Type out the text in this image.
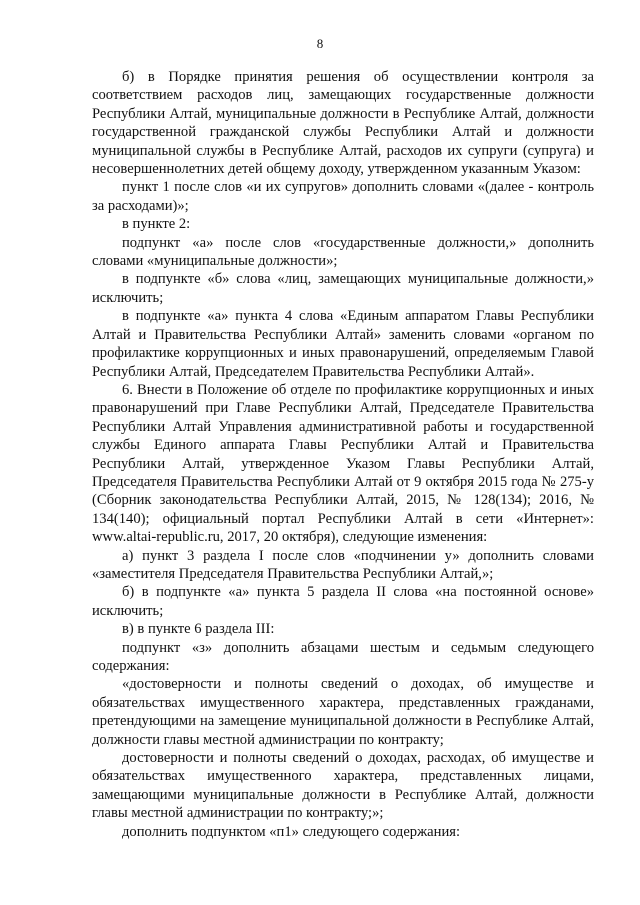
8

б) в Порядке принятия решения об осуществлении контроля за соответствием расходов лиц, замещающих государственные должности Республики Алтай, муниципальные должности в Республике Алтай, должности государственной гражданской службы Республики Алтай и должности муниципальной службы в Республике Алтай, расходов их супруги (супруга) и несовершеннолетних детей общему доходу, утвержденном указанным Указом:

пункт 1 после слов «и их супругов» дополнить словами «(далее - контроль за расходами)»;

в пункте 2:

подпункт «а» после слов «государственные должности,» дополнить словами «муниципальные должности»;

в подпункте «б» слова «лиц, замещающих муниципальные должности,» исключить;

в подпункте «а» пункта 4 слова «Единым аппаратом Главы Республики Алтай и Правительства Республики Алтай» заменить словами «органом по профилактике коррупционных и иных правонарушений, определяемым Главой Республики Алтай, Председателем Правительства Республики Алтай».

6. Внести в Положение об отделе по профилактике коррупционных и иных правонарушений при Главе Республики Алтай, Председателе Правительства Республики Алтай Управления административной работы и государственной службы Единого аппарата Главы Республики Алтай и Правительства Республики Алтай, утвержденное Указом Главы Республики Алтай, Председателя Правительства Республики Алтай от 9 октября 2015 года № 275-у (Сборник законодательства Республики Алтай, 2015, № 128(134); 2016, № 134(140); официальный портал Республики Алтай в сети «Интернет»: www.altai-republic.ru, 2017, 20 октября), следующие изменения:

а) пункт 3 раздела I после слов «подчинении у» дополнить словами «заместителя Председателя Правительства Республики Алтай,»;

б) в подпункте «а» пункта 5 раздела II слова «на постоянной основе» исключить;

в) в пункте 6 раздела III:

подпункт «з» дополнить абзацами шестым и седьмым следующего содержания:

«достоверности и полноты сведений о доходах, об имуществе и обязательствах имущественного характера, представленных гражданами, претендующими на замещение муниципальной должности в Республике Алтай, должности главы местной администрации по контракту;

достоверности и полноты сведений о доходах, расходах, об имуществе и обязательствах имущественного характера, представленных лицами, замещающими муниципальные должности в Республике Алтай, должности главы местной администрации по контракту;»;

дополнить подпунктом «п1» следующего содержания:
